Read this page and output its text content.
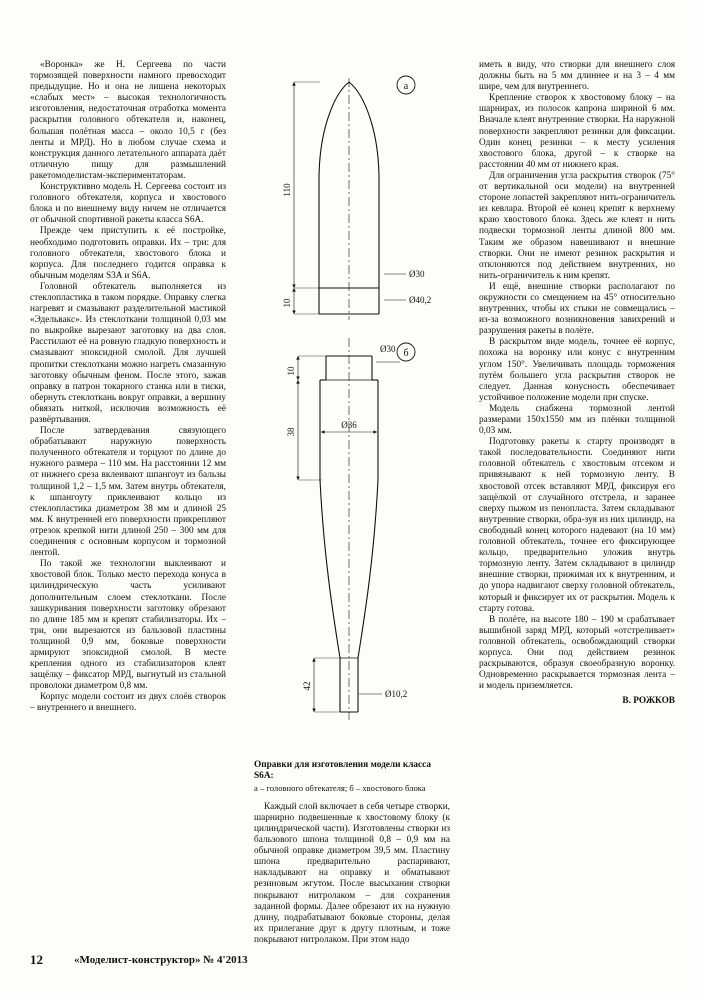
«Воронка» же Н. Сергеева по части тормозящей поверхности намного превосходит предыдущие. Но и она не лишена некоторых «слабых мест» – высокая технологичность изготовления, недостаточная отработка момента раскрытия головного обтекателя и, наконец, большая полётная масса – около 10,5 г (без ленты и МРД). Но в любом случае схема и конструкция данного летательного аппарата даёт отличную пищу для размышлений ракетомоделистам-экспериментаторам.

Конструктивно модель Н. Сергеева состоит из головного обтекателя, корпуса и хвостового блока и по внешнему виду ничем не отличается от обычной спортивной ракеты класса S6A.

Прежде чем приступить к её постройке, необходимо подготовить оправки. Их – три: для головного обтекателя, хвостового блока и корпуса. Для последнего годится оправка к обычным моделям S3A и S6A.

Головной обтекатель выполняется из стеклопластика в таком порядке. Оправку слегка нагревят и смазывают разделительной мастикой «Эдельвакс». Из стеклоткани толщиной 0,03 мм по выкройке вырезают заготовку на два слоя. Расстилают её на ровную гладкую поверхность и смазывают эпоксидной смолой. Для лучшей пропитки стеклоткани можно нагреть смазанную заготовку обычным феном. После этого, зажав оправку в патрон токарного станка или в тиски, обернуть стеклоткань вокруг оправки, а вершину обвязать ниткой, исключив возможность её развёртывания.

После затвердевания связующего обрабатывают наружную поверхность полученного обтекателя и торцуют по длине до нужного размера – 110 мм. На расстоянии 12 мм от нижнего среза вклеивают шпангоут из бальзы толщиной 1,2 – 1,5 мм. Затем внутрь обтекателя, к шпангоуту приклеивают кольцо из стеклопластика диаметром 38 мм и длиной 25 мм. К внутренней его поверхности прикрепляют отрезок крепкой нити длиной 250 – 300 мм для соединения с основным корпусом и тормозной лентой.

По такой же технологии выклеивают и хвостовой блок. Только место перехода конуса в цилиндрическую часть усиливают дополнительным слоем стеклоткани. После зашкуривания поверхности заготовку обрезают по длине 185 мм и крепят стабилизаторы. Их – три, они вырезаются из бальзовой пластины толщиной 0,9 мм, боковые поверхности армируют эпоксидной смолой. В месте крепления одного из стабилизаторов клеят защёлку – фиксатор МРД, выгнутый из стальной проволоки диаметром 0,8 мм.

Корпус модели состоит из двух слоёв створок – внутреннего и внешнего.

Оправки для изготовления модели класса S6A:
а – головного обтекателя; б – хвостового блока

Каждый слой включает в себя четыре створки, шарнирно подвешенные к хвостовому блоку (к цилиндрической части). Изготовлены створки из бальзового шпона толщиной 0,8 – 0,9 мм на обычной оправке диаметром 39,5 мм. Пластину шпона предварительно распаривают, накладывают на оправку и обматывают резиновым жгутом. После высыхания створки покрывают нитролаком – для сохранения заданной формы. Далее обрезают их на нужную длину, подрабатывают боковые стороны, делая их прилегание друг к другу плотным, и тоже покрывают нитролаком. При этом надо

иметь в виду, что створки для внешнего слоя должны быть на 5 мм длиннее и на 3 – 4 мм шире, чем для внутреннего.

Крепление створок к хвостовому блоку – на шарнирах, из полосок капрона шириной 6 мм. Вначале клеят внутренние створки. На наружной поверхности закрепляют резинки для фиксации. Один конец резинки – к месту усиления хвостового блока, другой – к створке на расстоянии 40 мм от нижнего края.

Для ограничения угла раскрытия створок (75° от вертикальной оси модели) на внутренней стороне лопастей закрепляют нить-ограничитель из кевлара. Второй её конец крепят к верхнему краю хвостового блока. Здесь же клеят и нить подвески тормозной ленты длиной 800 мм. Таким же образом навешивают и внешние створки. Они не имеют резинок раскрытия и отклоняются под действием внутренних, но нить-ограничитель к ним крепят.

И ещё, внешние створки располагают по окружности со смещением на 45° относительно внутренних, чтобы их стыки не совмещались – из-за возможного возникновения завихрений и разрушения ракеты в полёте.

В раскрытом виде модель, точнее её корпус, похожа на воронку или конус с внутренним углом 150°. Увеличивать площадь торможения путём большего угла раскрытия створок не следует. Данная конусность обеспечивает устойчивое положение модели при спуске.

Модель снабжена тормозной лентой размерами 150х1550 мм из плёнки толщиной 0,03 мм.

Подготовку ракеты к старту производят в такой последовательности. Соединяют нити головной обтекатель с хвостовым отсеком и привязывают к ней тормозную ленту. В хвостовой отсек вставляют МРД, фиксируя его защёлкой от случайного отстрела, и заранее сверху пыжом из пенопласта. Затем складывают внутренние створки, обра-зуя из них цилиндр, на свободный конец которого надевают (на 10 мм) головной обтекатель, точнее его фиксирующее кольцо, предварительно уложив внутрь тормозную ленту. Затем складывают в цилиндр внешние створки, прижимая их к внутренним, и до упора надвигают сверху головной обтекатель, который и фиксирует их от раскрытия. Модель к старту готова.

В полёте, на высоте 180 – 190 м срабатывает вышибной заряд МРД, который «отстреливает» головной обтекатель, освобождающий створки корпуса. Они под действием резинок раскрываются, образуя своеобразную воронку. Одновременно раскрывается тормозная лента – и модель приземляется.

В. РОЖКОВ
а
110
10
Ø30
Ø40,2
б
Ø30
10
38
Ø36
42
Ø10,2
12	«Моделист-конструктор» № 4'2013
